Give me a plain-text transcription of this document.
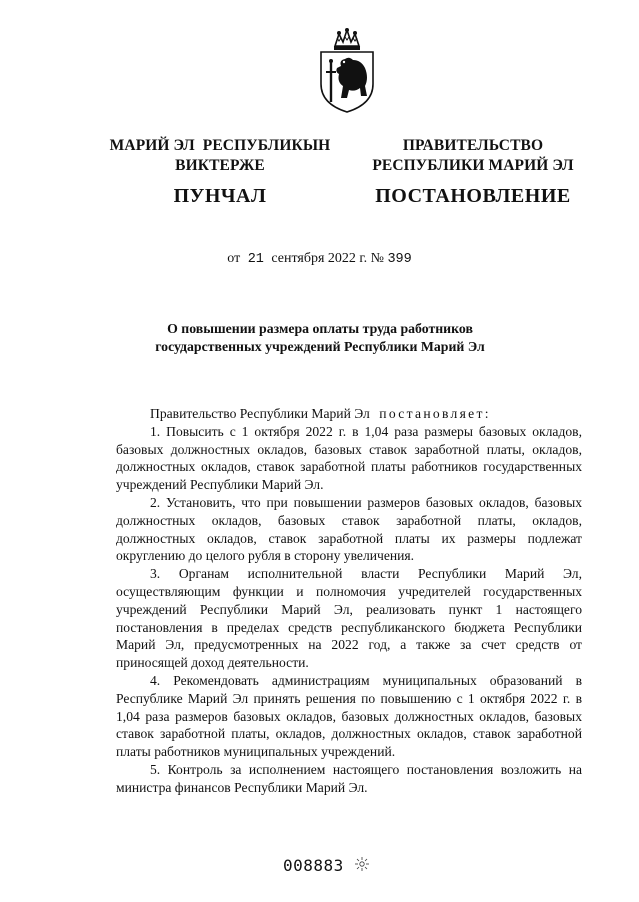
МАРИЙ ЭЛ  РЕСПУБЛИКЫН
ВИКТЕРЖЕ
ПУНЧАЛ
ПРАВИТЕЛЬСТВО
РЕСПУБЛИКИ МАРИЙ ЭЛ
ПОСТАНОВЛЕНИЕ
от 21 сентября 2022 г. № 399
О повышении размера оплаты труда работников
государственных учреждений Республики Марий Эл

Правительство Республики Марий Эл постановляет:

1. Повысить с 1 октября 2022 г. в 1,04 раза размеры базовых окладов, базовых должностных окладов, базовых ставок заработной платы, окладов, должностных окладов, ставок заработной платы работников государственных учреждений Республики Марий Эл.

2. Установить, что при повышении размеров базовых окладов, базовых должностных окладов, базовых ставок заработной платы, окладов, должностных окладов, ставок заработной платы их размеры подлежат округлению до целого рубля в сторону увеличения.

3. Органам исполнительной власти Республики Марий Эл, осуществляющим функции и полномочия учредителей государственных учреждений Республики Марий Эл, реализовать пункт 1 настоящего постановления в пределах средств республиканского бюджета Республики Марий Эл, предусмотренных на 2022 год, а также за счет средств от приносящей доход деятельности.

4. Рекомендовать администрациям муниципальных образований в Республике Марий Эл принять решения по повышению с 1 октября 2022 г. в 1,04 раза размеров базовых окладов, базовых должностных окладов, базовых ставок заработной платы, окладов, должностных окладов, ставок заработной платы работников муниципальных учреждений.

5. Контроль за исполнением настоящего постановления возложить на министра финансов Республики Марий Эл.

008883
